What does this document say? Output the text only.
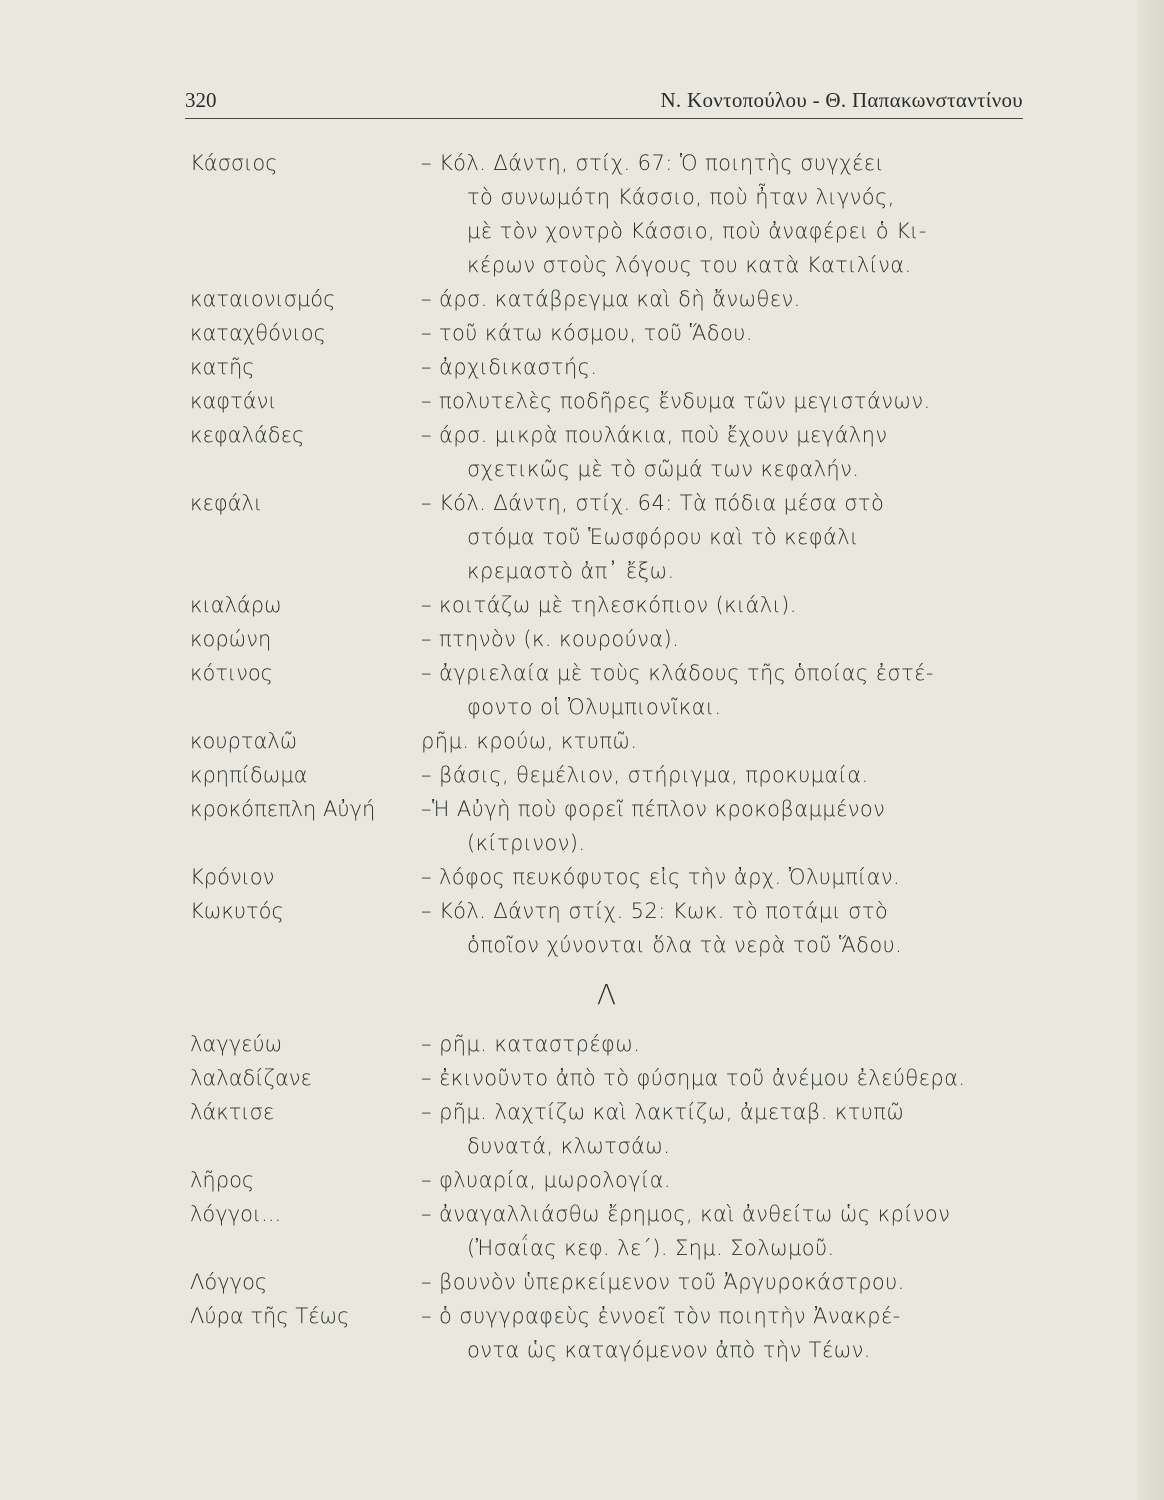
320	Ν. Κοντοπούλου - Θ. Παπακωνσταντίνου
Κάσσιος	– Κόλ. Δάντη, στίχ. 67: Ὁ ποιητὴς συγχέει
τὸ συνωμότη Κάσσιο, ποὺ ἦταν λιγνός,
μὲ τὸν χοντρὸ Κάσσιο, ποὺ ἀναφέρει ὁ Κι-
κέρων στοὺς λόγους του κατὰ Κατιλίνα.
καταιονισμός	– άρσ. κατάβρεγμα καὶ δὴ ἄνωθεν.
καταχθόνιος	– τοῦ κάτω κόσμου, τοῦ Ἅδου.
κατῆς	– ἀρχιδικαστής.
καφτάνι	– πολυτελὲς ποδῆρες ἔνδυμα τῶν μεγιστάνων.
κεφαλάδες	– άρσ. μικρὰ πουλάκια, ποὺ ἔχουν μεγάλην
σχετικῶς μὲ τὸ σῶμά των κεφαλήν.
κεφάλι	– Κόλ. Δάντη, στίχ. 64: Τὰ πόδια μέσα στὸ
στόμα τοῦ Ἑωσφόρου καὶ τὸ κεφάλι
κρεμαστὸ ἀπ᾽ ἔξω.
κιαλάρω	– κοιτάζω μὲ τηλεσκόπιον (κιάλι).
κορώνη	– πτηνὸν (κ. κουρούνα).
κότινος	– ἀγριελαία μὲ τοὺς κλάδους τῆς ὁποίας ἐστέ-
φοντο οἱ Ὀλυμπιονῖκαι.
κουρταλῶ	ρῆμ. κρούω, κτυπῶ.
κρηπίδωμα	– βάσις, θεμέλιον, στήριγμα, προκυμαία.
κροκόπεπλη Αὐγή –Ἡ Αὐγὴ ποὺ φορεῖ πέπλον κροκοβαμμένον
(κίτρινον).
Κρόνιον	– λόφος πευκόφυτος εἰς τὴν ἀρχ. Ὀλυμπίαν.
Κωκυτός	– Κόλ. Δάντη στίχ. 52: Κωκ. τὸ ποτάμι στὸ
ὁποῖον χύνονται ὅλα τὰ νερὰ τοῦ Ἅδου.
Λ
λαγγεύω	– ρῆμ. καταστρέφω.
λαλαδίζανε	– ἐκινοῦντο ἀπὸ τὸ φύσημα τοῦ ἀνέμου ἐλεύθερα.
λάκτισε	– ρῆμ. λαχτίζω καὶ λακτίζω, ἀμεταβ. κτυπῶ
δυνατά, κλωτσάω.
λῆρος	– φλυαρία, μωρολογία.
λόγγοι...	– ἀναγαλλιάσθω ἔρημος, καὶ ἀνθείτω ὡς κρίνον
(Ἠσαΐας κεφ. λε΄). Σημ. Σολωμοῦ.
Λόγγος	– βουνὸν ὑπερκείμενον τοῦ Ἀργυροκάστρου.
Λύρα τῆς Τέως	– ὁ συγγραφεὺς ἐννοεῖ τὸν ποιητὴν Ἀνακρέ-
οντα ὡς καταγόμενον ἀπὸ τὴν Τέων.
